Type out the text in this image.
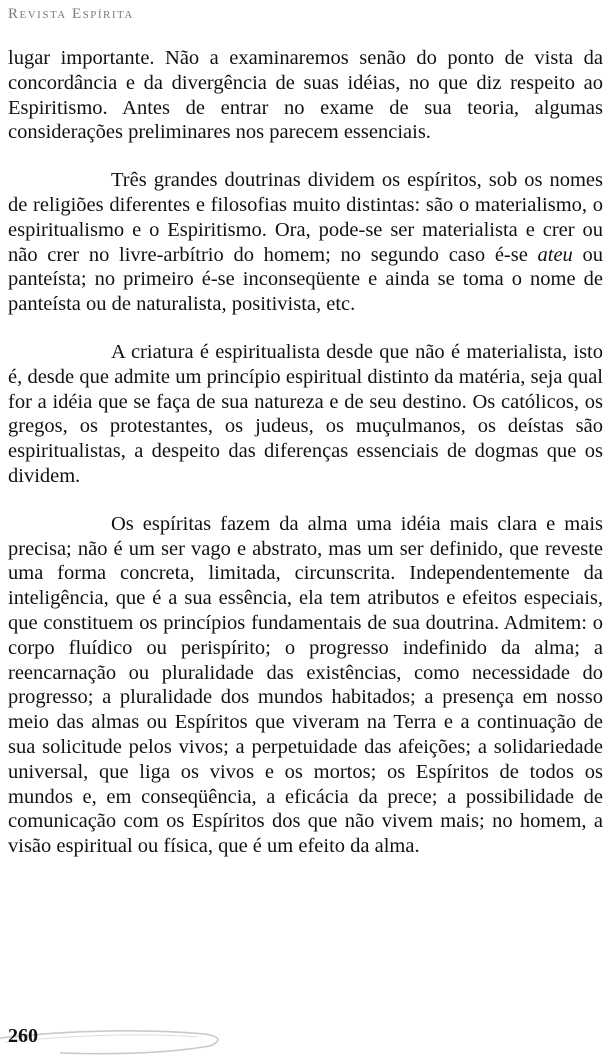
Revista Espírita

lugar importante. Não a examinaremos senão do ponto de vista da concordância e da divergência de suas idéias, no que diz respeito ao Espiritismo. Antes de entrar no exame de sua teoria, algumas considerações preliminares nos parecem essenciais.

Três grandes doutrinas dividem os espíritos, sob os nomes de religiões diferentes e filosofias muito distintas: são o materialismo, o espiritualismo e o Espiritismo. Ora, pode-se ser materialista e crer ou não crer no livre-arbítrio do homem; no segundo caso é-se ateu ou panteísta; no primeiro é-se inconseqüente e ainda se toma o nome de panteísta ou de naturalista, positivista, etc.

A criatura é espiritualista desde que não é materialista, isto é, desde que admite um princípio espiritual distinto da matéria, seja qual for a idéia que se faça de sua natureza e de seu destino. Os católicos, os gregos, os protestantes, os judeus, os muçulmanos, os deístas são espiritualistas, a despeito das diferenças essenciais de dogmas que os dividem.

Os espíritas fazem da alma uma idéia mais clara e mais precisa; não é um ser vago e abstrato, mas um ser definido, que reveste uma forma concreta, limitada, circunscrita. Independentemente da inteligência, que é a sua essência, ela tem atributos e efeitos especiais, que constituem os princípios fundamentais de sua doutrina. Admitem: o corpo fluídico ou perispírito; o progresso indefinido da alma; a reencarnação ou pluralidade das existências, como necessidade do progresso; a pluralidade dos mundos habitados; a presença em nosso meio das almas ou Espíritos que viveram na Terra e a continuação de sua solicitude pelos vivos; a perpetuidade das afeições; a solidariedade universal, que liga os vivos e os mortos; os Espíritos de todos os mundos e, em conseqüência, a eficácia da prece; a possibilidade de comunicação com os Espíritos dos que não vivem mais; no homem, a visão espiritual ou física, que é um efeito da alma.

260
